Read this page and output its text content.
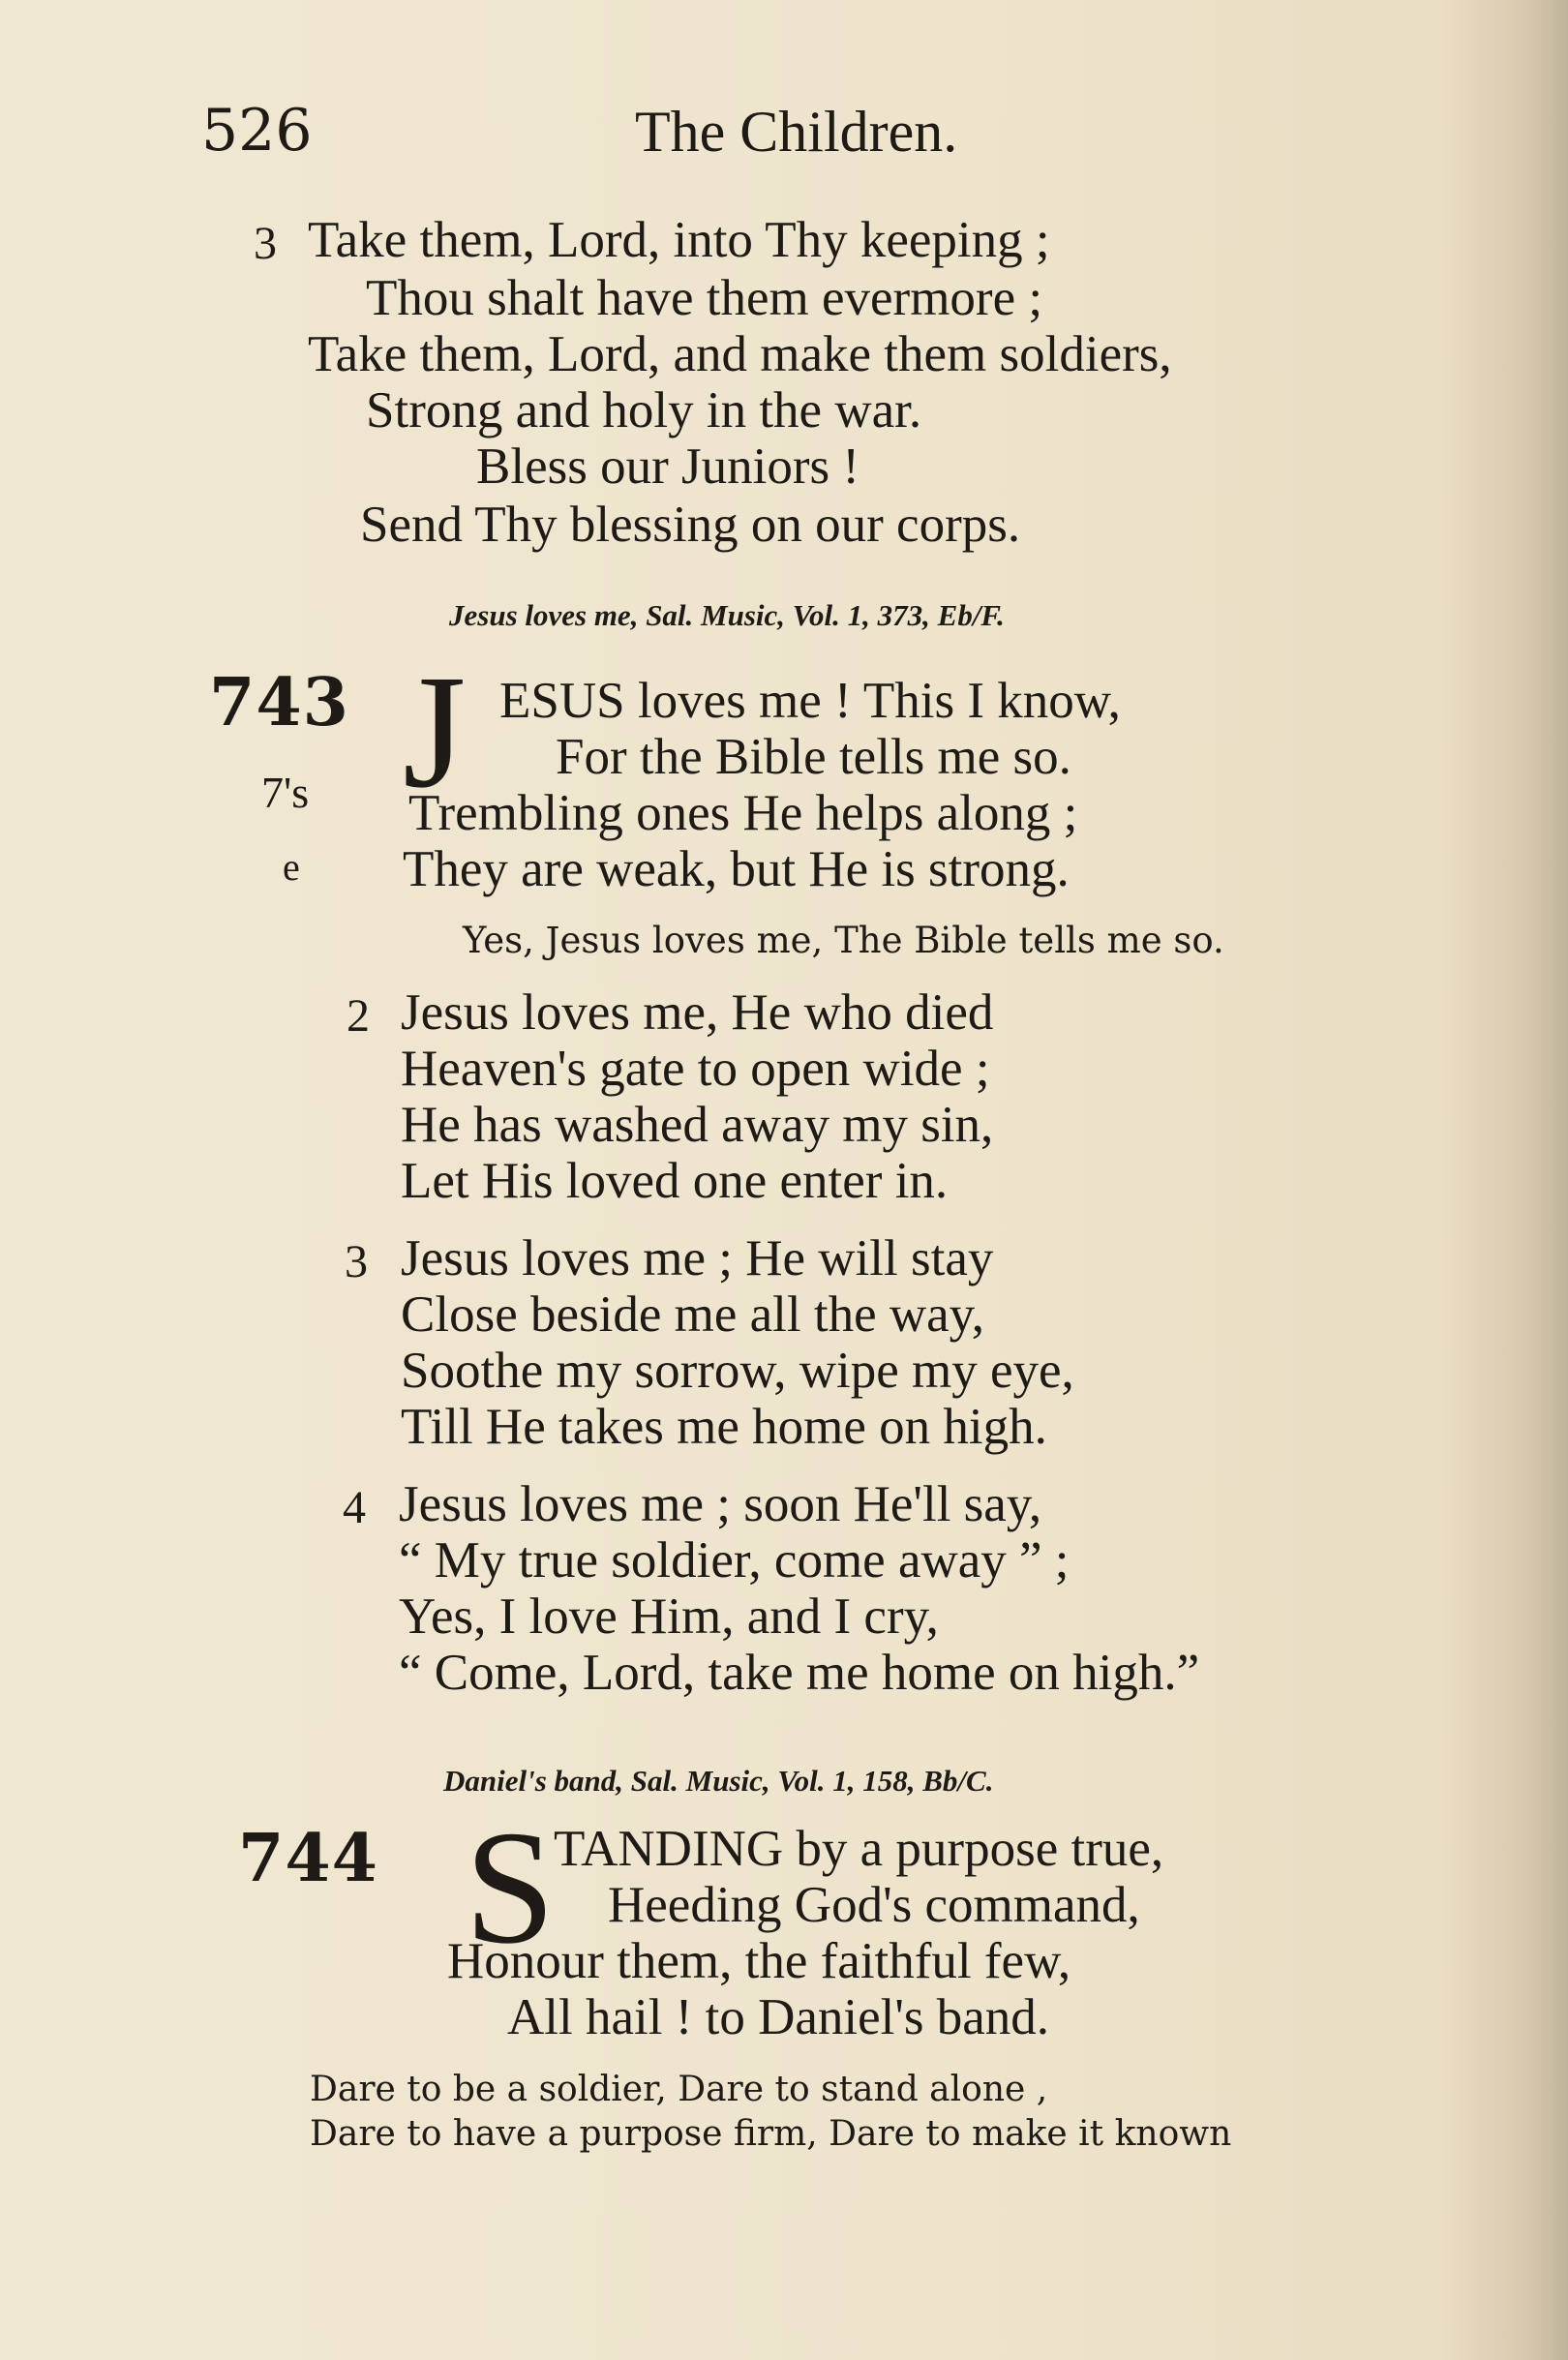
526	The Children.
3 Take them, Lord, into Thy keeping ;
Thou shalt have them evermore ;
Take them, Lord, and make them soldiers,
Strong and holy in the war.
Bless our Juniors !
Send Thy blessing on our corps.
Jesus loves me, Sal. Music, Vol. 1, 373, Eb/F.
743
7's
e
J ESUS loves me ! This I know,
For the Bible tells me so.
Trembling ones He helps along ;
They are weak, but He is strong.
Yes, Jesus loves me, The Bible tells me so.
2 Jesus loves me, He who died
Heaven's gate to open wide ;
He has washed away my sin,
Let His loved one enter in.
3 Jesus loves me ; He will stay
Close beside me all the way,
Soothe my sorrow, wipe my eye,
Till He takes me home on high.
4 Jesus loves me ; soon He'll say,
“ My true soldier, come away ” ;
Yes, I love Him, and I cry,
“ Come, Lord, take me home on high.”
Daniel's band, Sal. Music, Vol. 1, 158, Bb/C.
744 S
TANDING by a purpose true,
Heeding God's command,
Honour them, the faithful few,
All hail ! to Daniel's band.
Dare to be a soldier, Dare to stand alone ,
Dare to have a purpose firm, Dare to make it known
